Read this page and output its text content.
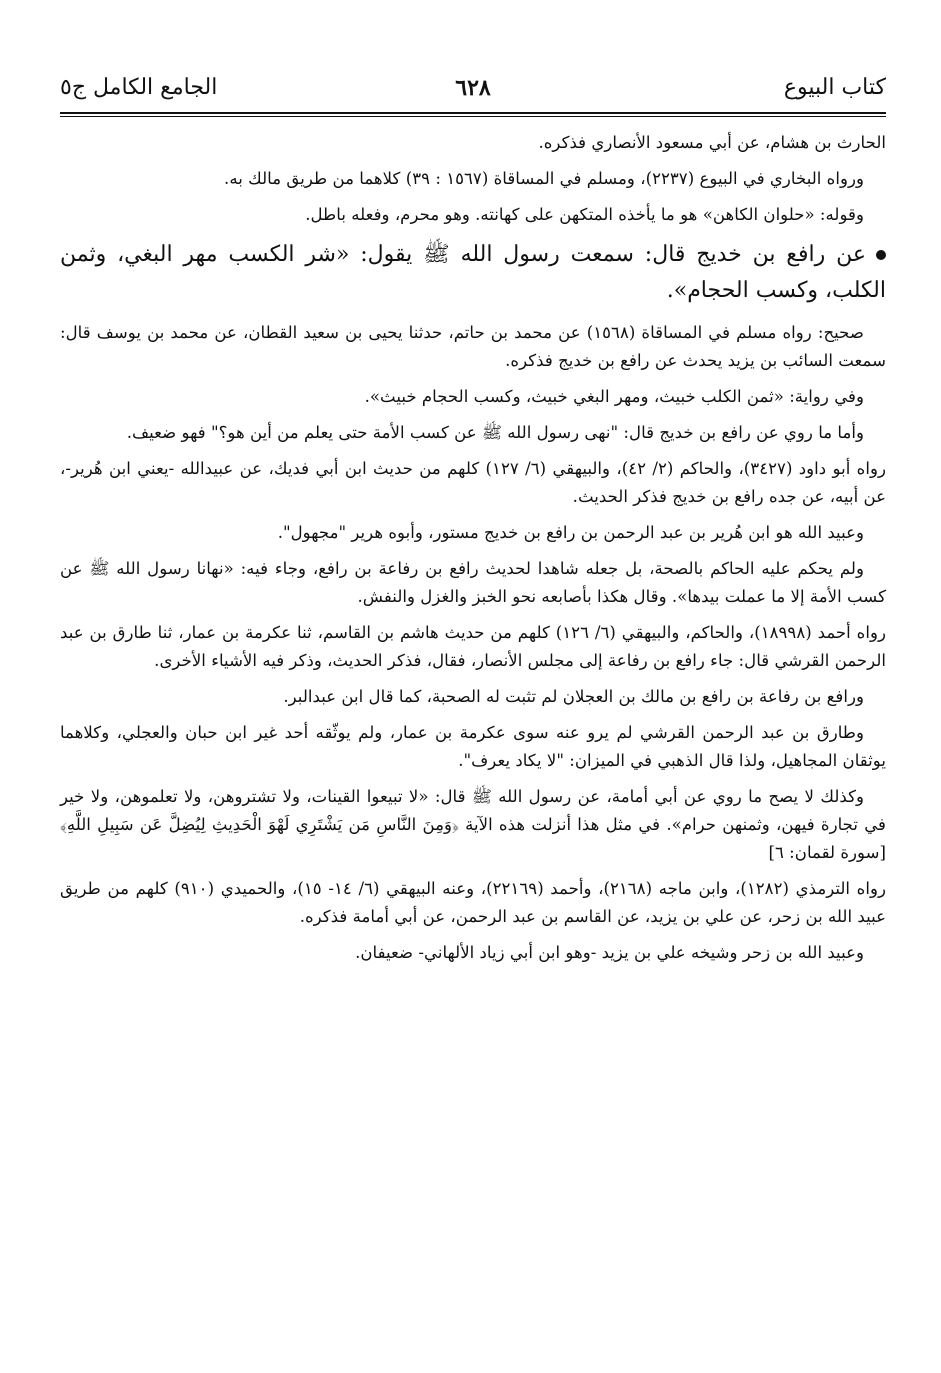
كتاب البيوع
٦٢٨
الجامع الكامل ج٥

الحارث بن هشام، عن أبي مسعود الأنصاري فذكره.

ورواه البخاري في البيوع (٢٢٣٧)، ومسلم في المساقاة (١٥٦٧ : ٣٩) كلاهما من طريق مالك به.

وقوله: «حلوان الكاهن» هو ما يأخذه المتكهن على كهانته. وهو محرم، وفعله باطل.

عن رافع بن خديج قال: سمعت رسول الله ﷺ يقول: «شر الكسب مهر البغي، وثمن الكلب، وكسب الحجام».

صحيح: رواه مسلم في المساقاة (١٥٦٨) عن محمد بن حاتم، حدثنا يحيى بن سعيد القطان، عن محمد بن يوسف قال: سمعت السائب بن يزيد يحدث عن رافع بن خديج فذكره.

وفي رواية: «ثمن الكلب خبيث، ومهر البغي خبيث، وكسب الحجام خبيث».

وأما ما روي عن رافع بن خديج قال: "نهى رسول الله ﷺ عن كسب الأمة حتى يعلم من أين هو؟" فهو ضعيف.

رواه أبو داود (٣٤٢٧)، والحاكم (٢/ ٤٢)، والبيهقي (٦/ ١٢٧) كلهم من حديث ابن أبي فديك، عن عبيدالله -يعني ابن هُرير-، عن أبيه، عن جده رافع بن خديج فذكر الحديث.

وعبيد الله هو ابن هُرير بن عبد الرحمن بن رافع بن خديج مستور، وأبوه هرير "مجهول".

ولم يحكم عليه الحاكم بالصحة، بل جعله شاهدا لحديث رافع بن رفاعة بن رافع، وجاء فيه: «نهانا رسول الله ﷺ عن كسب الأمة إلا ما عملت بيدها». وقال هكذا بأصابعه نحو الخبز والغزل والنفش.

رواه أحمد (١٨٩٩٨)، والحاكم، والبيهقي (٦/ ١٢٦) كلهم من حديث هاشم بن القاسم، ثنا عكرمة بن عمار، ثنا طارق بن عبد الرحمن القرشي قال: جاء رافع بن رفاعة إلى مجلس الأنصار، فقال، فذكر الحديث، وذكر فيه الأشياء الأخرى.

ورافع بن رفاعة بن رافع بن مالك بن العجلان لم تثبت له الصحبة، كما قال ابن عبدالبر.

وطارق بن عبد الرحمن القرشي لم يرو عنه سوى عكرمة بن عمار، ولم يوثّقه أحد غير ابن حبان والعجلي، وكلاهما يوثقان المجاهيل، ولذا قال الذهبي في الميزان: "لا يكاد يعرف".

وكذلك لا يصح ما روي عن أبي أمامة، عن رسول الله ﷺ قال: «لا تبيعوا القينات، ولا تشتروهن، ولا تعلموهن، ولا خير في تجارة فيهن، وثمنهن حرام». في مثل هذا أنزلت هذه الآية ﴿وَمِنَ النَّاسِ مَن يَشْتَرِي لَهْوَ الْحَدِيثِ لِيُضِلَّ عَن سَبِيلِ اللَّهِ﴾ [سورة لقمان: ٦]

رواه الترمذي (١٢٨٢)، وابن ماجه (٢١٦٨)، وأحمد (٢٢١٦٩)، وعنه البيهقي (٦/ ١٤- ١٥)، والحميدي (٩١٠) كلهم من طريق عبيد الله بن زحر، عن علي بن يزيد، عن القاسم بن عبد الرحمن، عن أبي أمامة فذكره.

وعبيد الله بن زحر وشيخه علي بن يزيد -وهو ابن أبي زياد الألهاني- ضعيفان.
